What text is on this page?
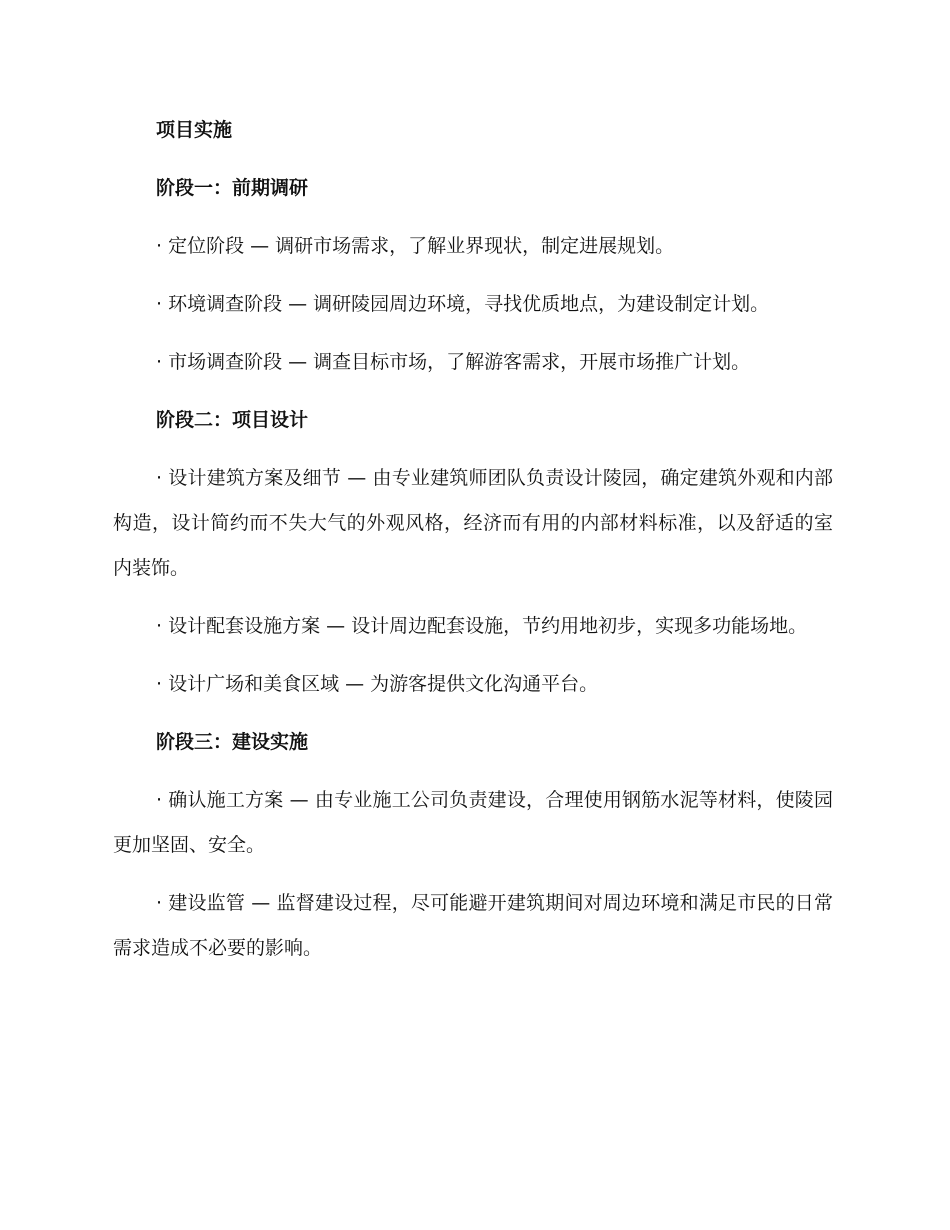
项目实施
阶段一：前期调研

· 定位阶段 — 调研市场需求，了解业界现状，制定进展规划。

· 环境调查阶段 — 调研陵园周边环境，寻找优质地点，为建设制定计划。

· 市场调查阶段 — 调查目标市场，了解游客需求，开展市场推广计划。

阶段二：项目设计

· 设计建筑方案及细节 — 由专业建筑师团队负责设计陵园，确定建筑外观和内部构造，设计简约而不失大气的外观风格，经济而有用的内部材料标准，以及舒适的室内装饰。

· 设计配套设施方案 — 设计周边配套设施，节约用地初步，实现多功能场地。

· 设计广场和美食区域 — 为游客提供文化沟通平台。

阶段三：建设实施

· 确认施工方案 — 由专业施工公司负责建设，合理使用钢筋水泥等材料，使陵园更加坚固、安全。

· 建设监管 — 监督建设过程，尽可能避开建筑期间对周边环境和满足市民的日常需求造成不必要的影响。
